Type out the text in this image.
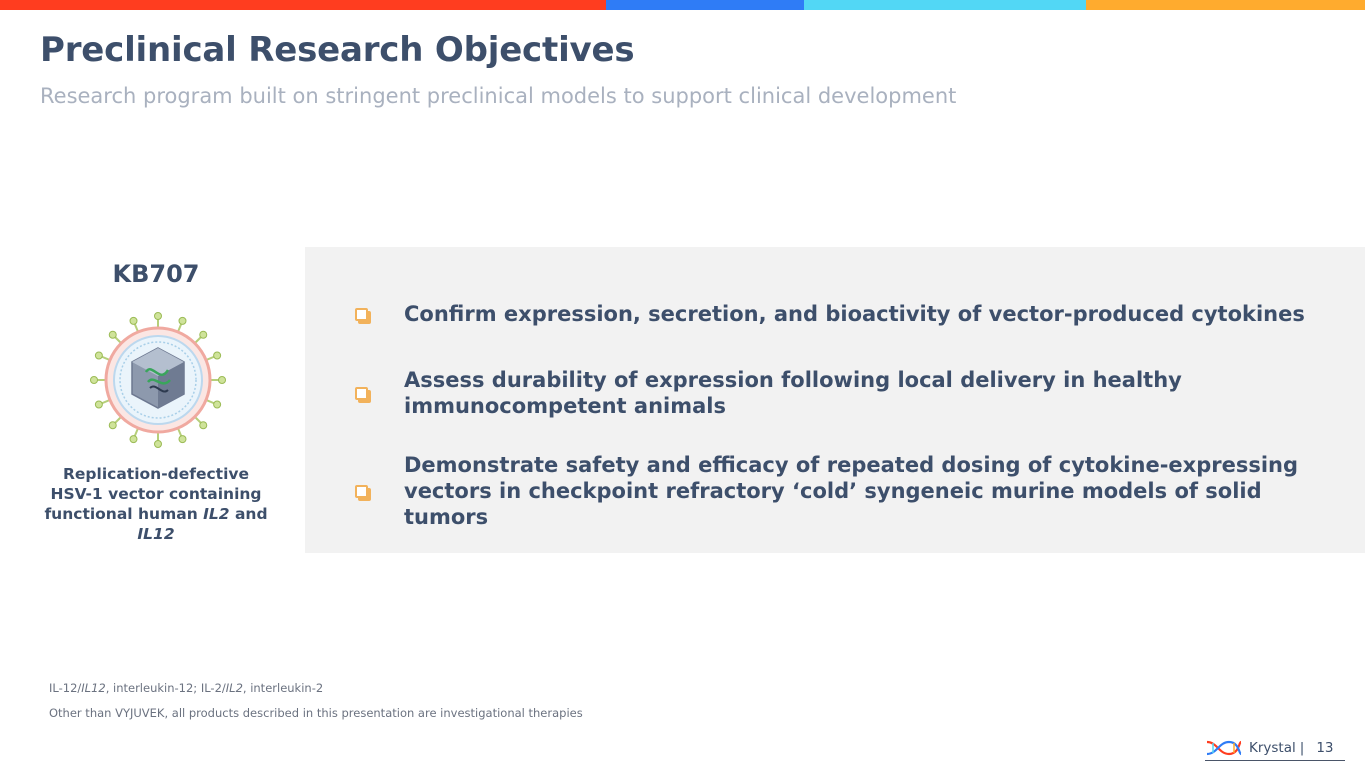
Preclinical Research Objectives
Research program built on stringent preclinical models to support clinical development
KB707
Replication-defective
HSV-1 vector containing
functional human IL2 and
IL12
Confirm expression, secretion, and bioactivity of vector-produced cytokines
Assess durability of expression following local delivery in healthy immunocompetent animals
Demonstrate safety and efficacy of repeated dosing of cytokine-expressing vectors in checkpoint refractory ‘cold’ syngeneic murine models of solid tumors

IL-12/IL12, interleukin-12; IL-2/IL2, interleukin-2

Other than VYJUVEK, all products described in this presentation are investigational therapies

Krystal | 13
